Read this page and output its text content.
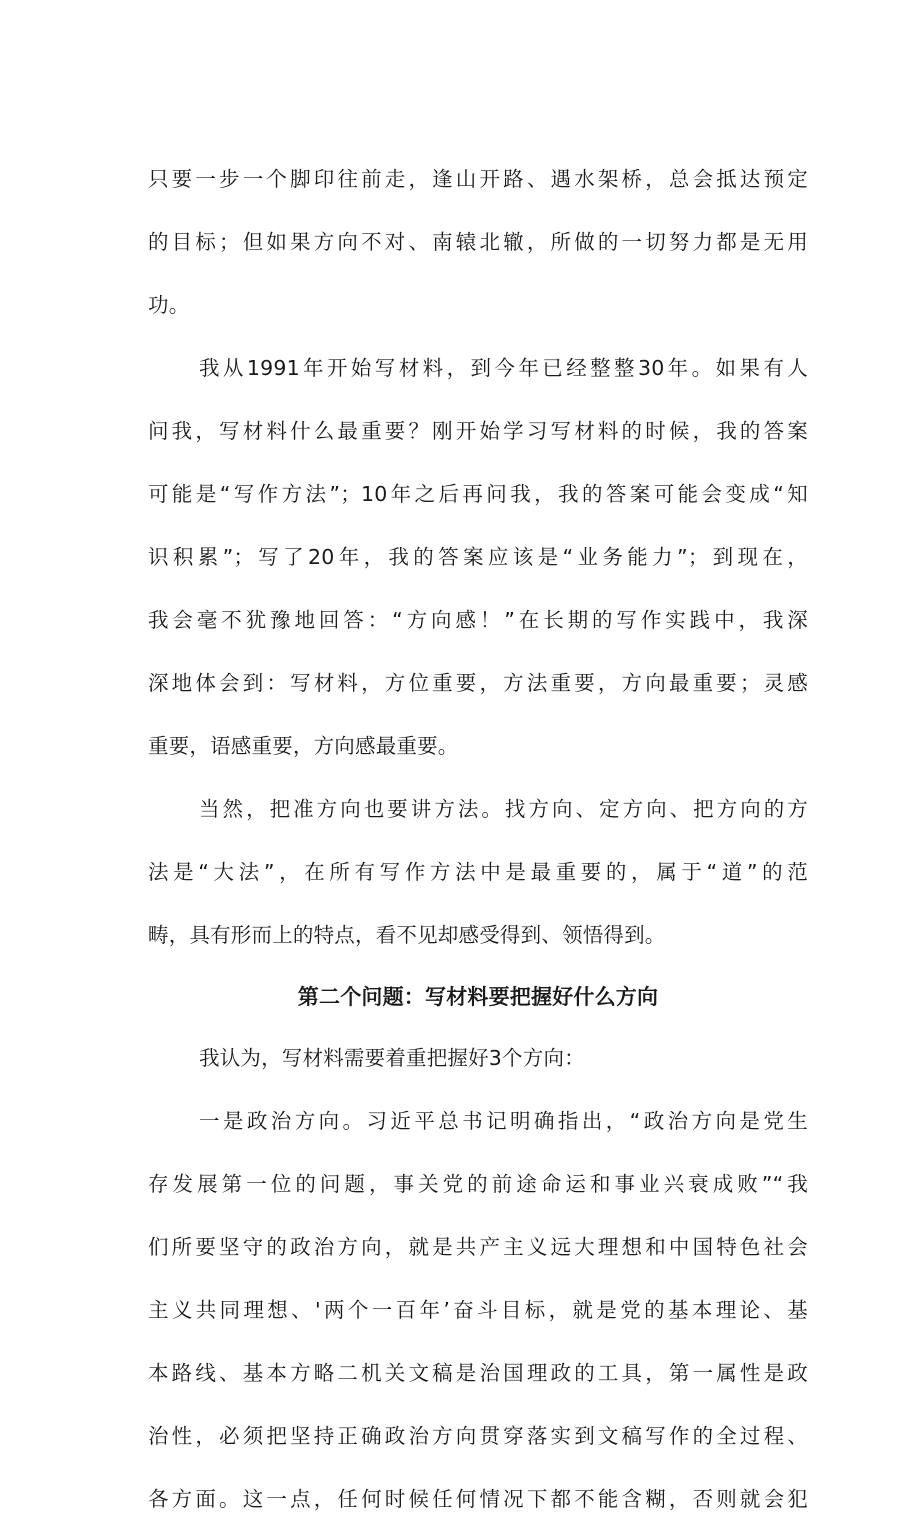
只要一步一个脚印往前走，逢山开路、遇水架桥，总会抵达预定
的目标；但如果方向不对、南辕北辙，所做的一切努力都是无用
功。
我从1991年开始写材料，到今年已经整整30年。如果有人
问我，写材料什么最重要？刚开始学习写材料的时候，我的答案
可能是“写作方法”；10年之后再问我，我的答案可能会变成“知
识积累”；写了20年，我的答案应该是“业务能力”；到现在，
我会毫不犹豫地回答：“方向感！”在长期的写作实践中，我深
深地体会到：写材料，方位重要，方法重要，方向最重要；灵感
重要，语感重要，方向感最重要。
当然，把准方向也要讲方法。找方向、定方向、把方向的方
法是“大法”，在所有写作方法中是最重要的，属于“道”的范
畴，具有形而上的特点，看不见却感受得到、领悟得到。
第二个问题：写材料要把握好什么方向
我认为，写材料需要着重把握好3个方向：
一是政治方向。习近平总书记明确指出，“政治方向是党生
存发展第一位的问题，事关党的前途命运和事业兴衰成败”“我
们所要坚守的政治方向，就是共产主义远大理想和中国特色社会
主义共同理想、'两个一百年’奋斗目标，就是党的基本理论、基
本路线、基本方略二机关文稿是治国理政的工具，第一属性是政
治性，必须把坚持正确政治方向贯穿落实到文稿写作的全过程、
各方面。这一点，任何时候任何情况下都不能含糊，否则就会犯
